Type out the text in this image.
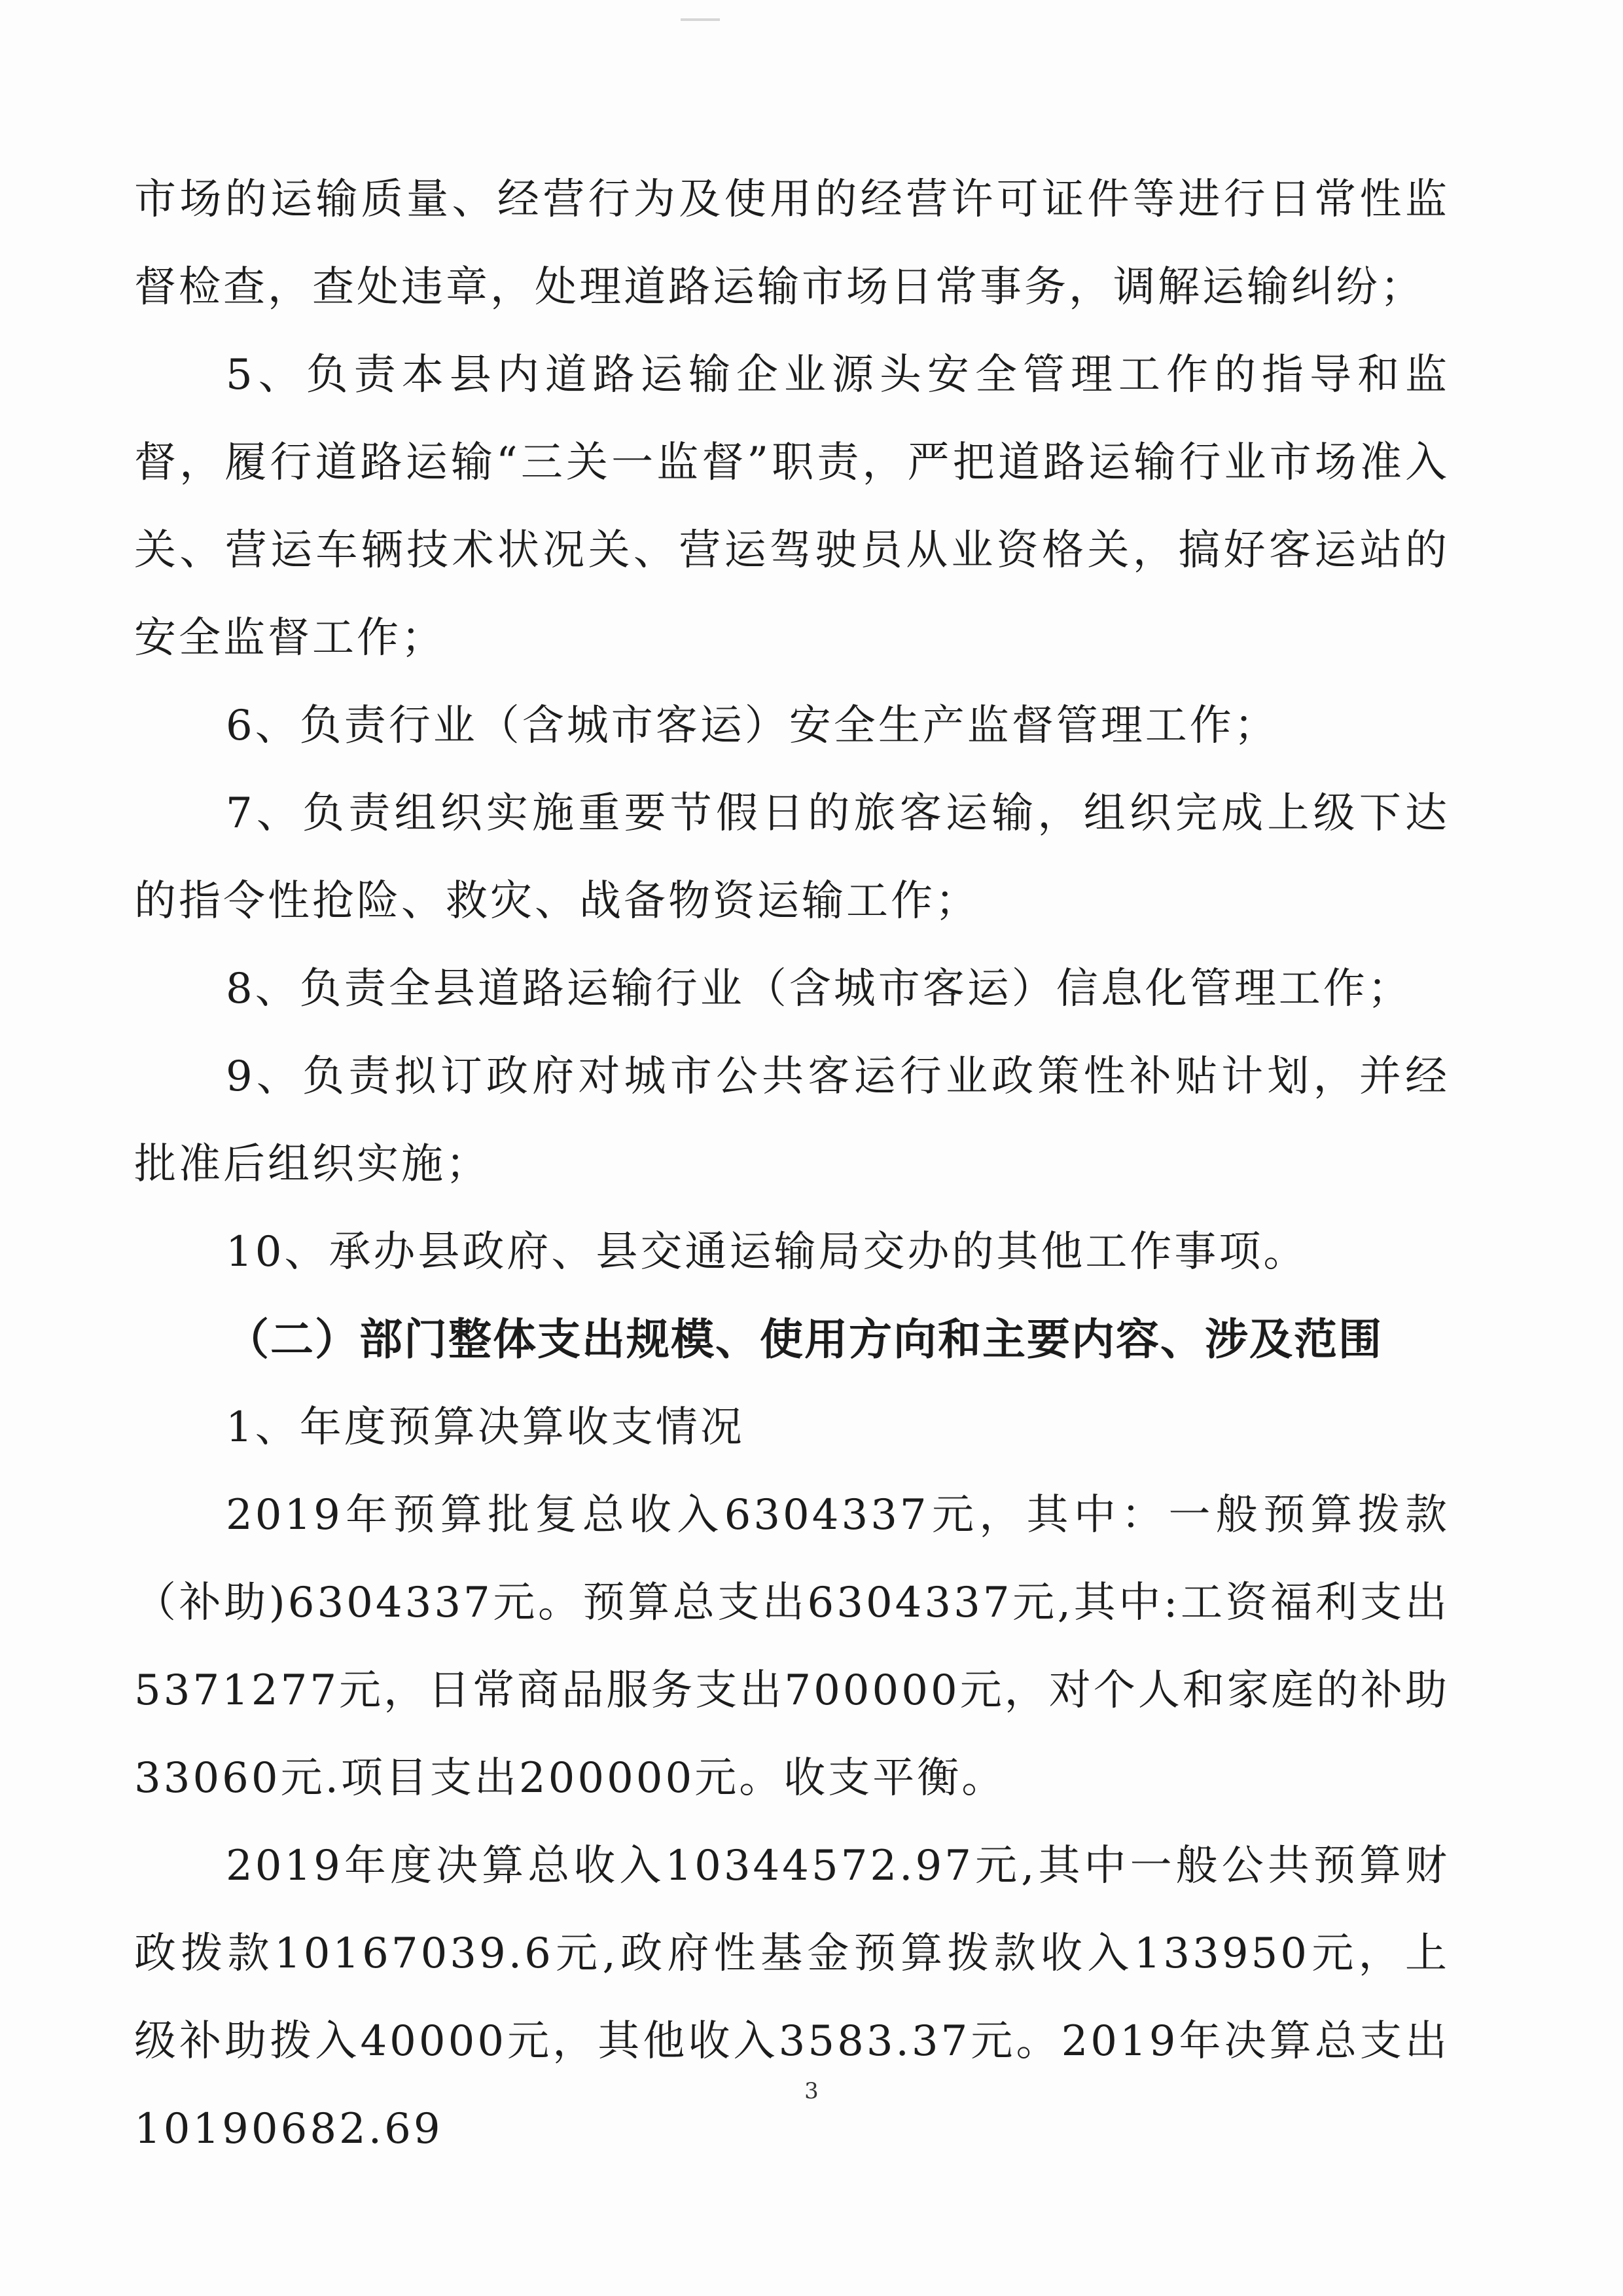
市场的运输质量、经营行为及使用的经营许可证件等进行日常性监督检查，查处违章，处理道路运输市场日常事务，调解运输纠纷；

5、负责本县内道路运输企业源头安全管理工作的指导和监督，履行道路运输“三关一监督”职责，严把道路运输行业市场准入关、营运车辆技术状况关、营运驾驶员从业资格关，搞好客运站的安全监督工作；

6、负责行业（含城市客运）安全生产监督管理工作；

7、负责组织实施重要节假日的旅客运输，组织完成上级下达的指令性抢险、救灾、战备物资运输工作；

8、负责全县道路运输行业（含城市客运）信息化管理工作；

9、负责拟订政府对城市公共客运行业政策性补贴计划，并经批准后组织实施；

10、承办县政府、县交通运输局交办的其他工作事项。

（二）部门整体支出规模、使用方向和主要内容、涉及范围

1、年度预算决算收支情况

2019年预算批复总收入6304337元，其中：一般预算拨款（补助)6304337元。预算总支出6304337元,其中:工资福利支出5371277元，日常商品服务支出700000元，对个人和家庭的补助33060元.项目支出200000元。收支平衡。

2019年度决算总收入10344572.97元,其中一般公共预算财政拨款10167039.6元,政府性基金预算拨款收入133950元，上级补助拨入40000元，其他收入3583.37元。2019年决算总支出10190682.69

3
